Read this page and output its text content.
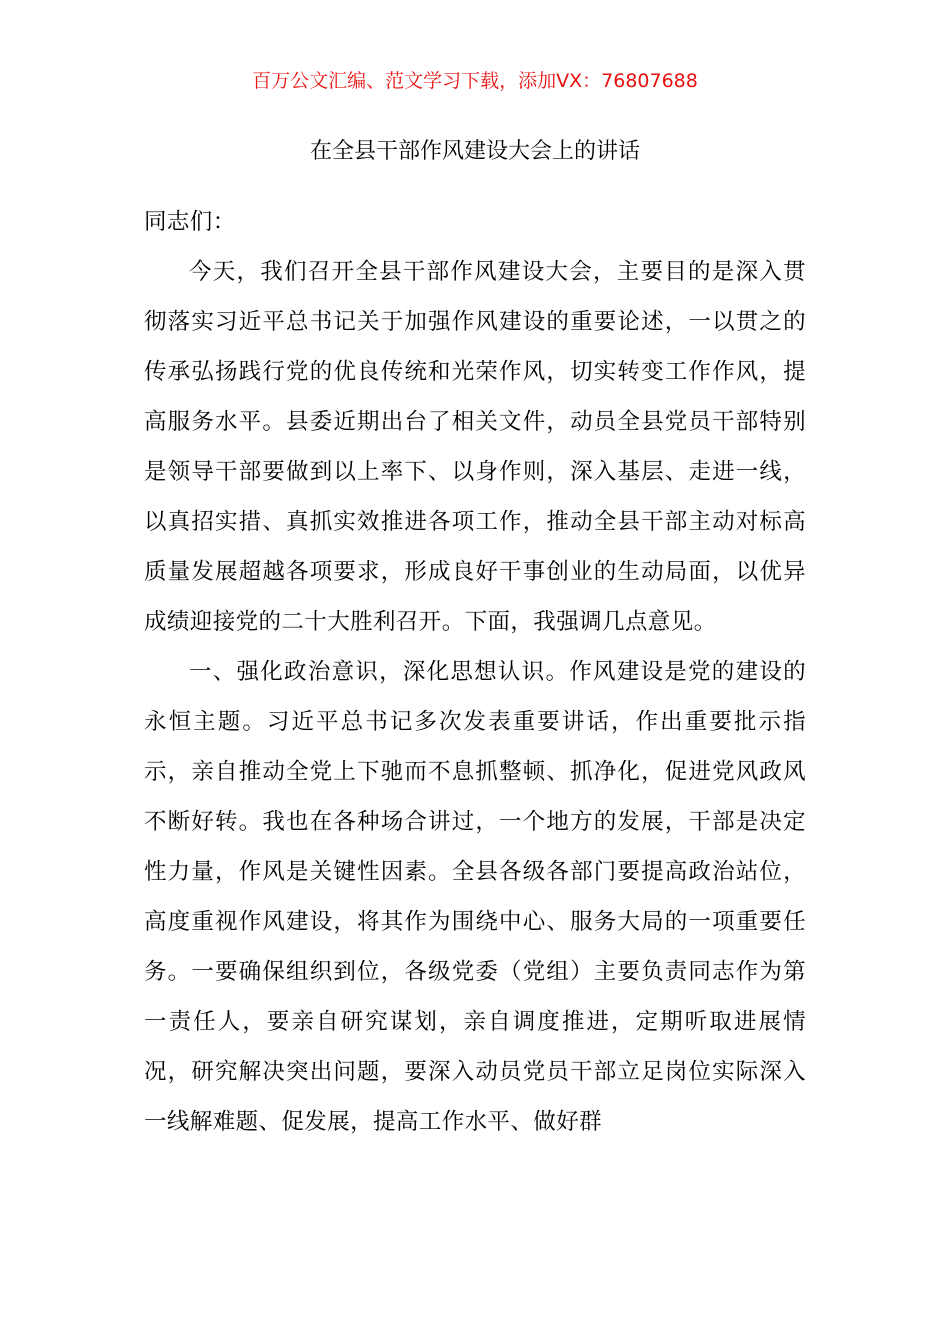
百万公文汇编、范文学习下载，添加VX：76807688
在全县干部作风建设大会上的讲话

同志们：

今天，我们召开全县干部作风建设大会，主要目的是深入贯彻落实习近平总书记关于加强作风建设的重要论述，一以贯之的传承弘扬践行党的优良传统和光荣作风，切实转变工作作风，提高服务水平。县委近期出台了相关文件，动员全县党员干部特别是领导干部要做到以上率下、以身作则，深入基层、走进一线，以真招实措、真抓实效推进各项工作，推动全县干部主动对标高质量发展超越各项要求，形成良好干事创业的生动局面，以优异成绩迎接党的二十大胜利召开。下面，我强调几点意见。

一、强化政治意识，深化思想认识。作风建设是党的建设的永恒主题。习近平总书记多次发表重要讲话，作出重要批示指示，亲自推动全党上下驰而不息抓整顿、抓净化，促进党风政风不断好转。我也在各种场合讲过，一个地方的发展，干部是决定性力量，作风是关键性因素。全县各级各部门要提高政治站位，高度重视作风建设，将其作为围绕中心、服务大局的一项重要任务。一要确保组织到位，各级党委（党组）主要负责同志作为第一责任人，要亲自研究谋划，亲自调度推进，定期听取进展情况，研究解决突出问题，要深入动员党员干部立足岗位实际深入一线解难题、促发展，提高工作水平、做好群
